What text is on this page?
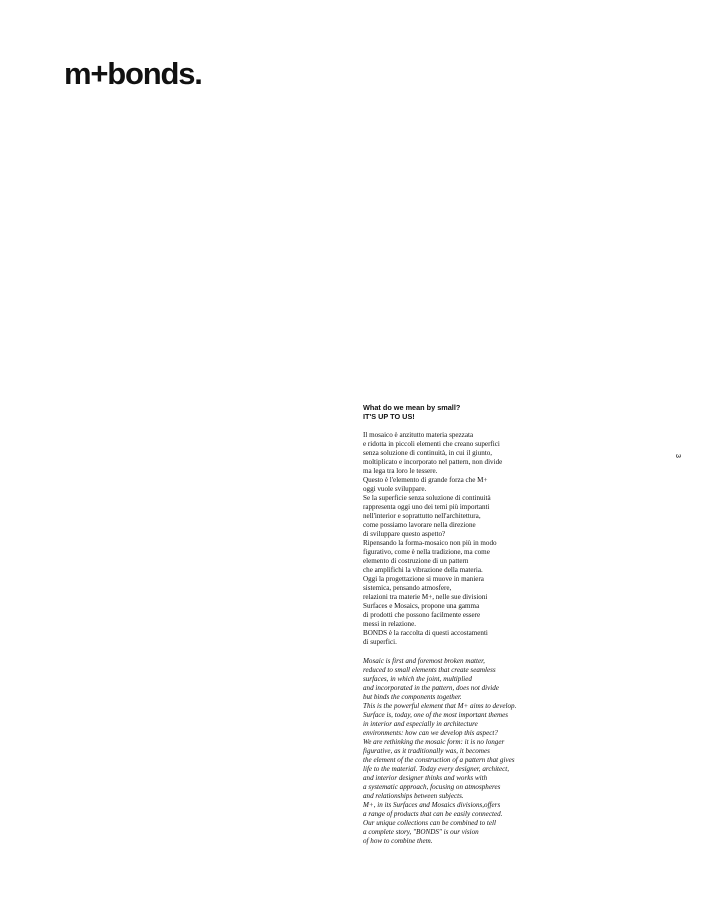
m+bonds.
3
What do we mean by small?
IT'S UP TO US!

Il mosaico è anzitutto materia spezzata
e ridotta in piccoli elementi che creano superfici
senza soluzione di continuità, in cui il giunto,
moltiplicato e incorporato nel pattern, non divide
ma lega tra loro le tessere.
Questo è l'elemento di grande forza che M+
oggi vuole sviluppare.
Se la superficie senza soluzione di continuità
rappresenta oggi uno dei temi più importanti
nell'interior e soprattutto nell'architettura,
come possiamo lavorare nella direzione
di sviluppare questo aspetto?
Ripensando la forma-mosaico non più in modo
figurativo, come è nella tradizione, ma come
elemento di costruzione di un pattern
che amplifichi la vibrazione della materia.
Oggi la progettazione si muove in maniera
sistemica, pensando atmosfere,
relazioni tra materie M+, nelle sue divisioni
Surfaces e Mosaics, propone una gamma
di prodotti che possono facilmente essere
messi in relazione.
BONDS è la raccolta di questi accostamenti
di superfici.

Mosaic is first and foremost broken matter,
reduced to small elements that create seamless
surfaces, in which the joint, multiplied
and incorporated in the pattern, does not divide
but binds the components together.
This is the powerful element that M+ aims to develop.
Surface is, today, one of the most important themes
in interior and especially in architecture
environments: how can we develop this aspect?
We are rethinking the mosaic form: it is no longer
figurative, as it traditionally was, it becomes
the element of the construction of a pattern that gives
life to the material. Today every designer, architect,
and interior designer thinks and works with
a systematic approach, focusing on atmospheres
and relationships between subjects.
M+, in its Surfaces and Mosaics divisions,offers
a range of products that can be easily connected.
Our unique collections can be combined to tell
a complete story, "BONDS" is our vision
of how to combine them.
